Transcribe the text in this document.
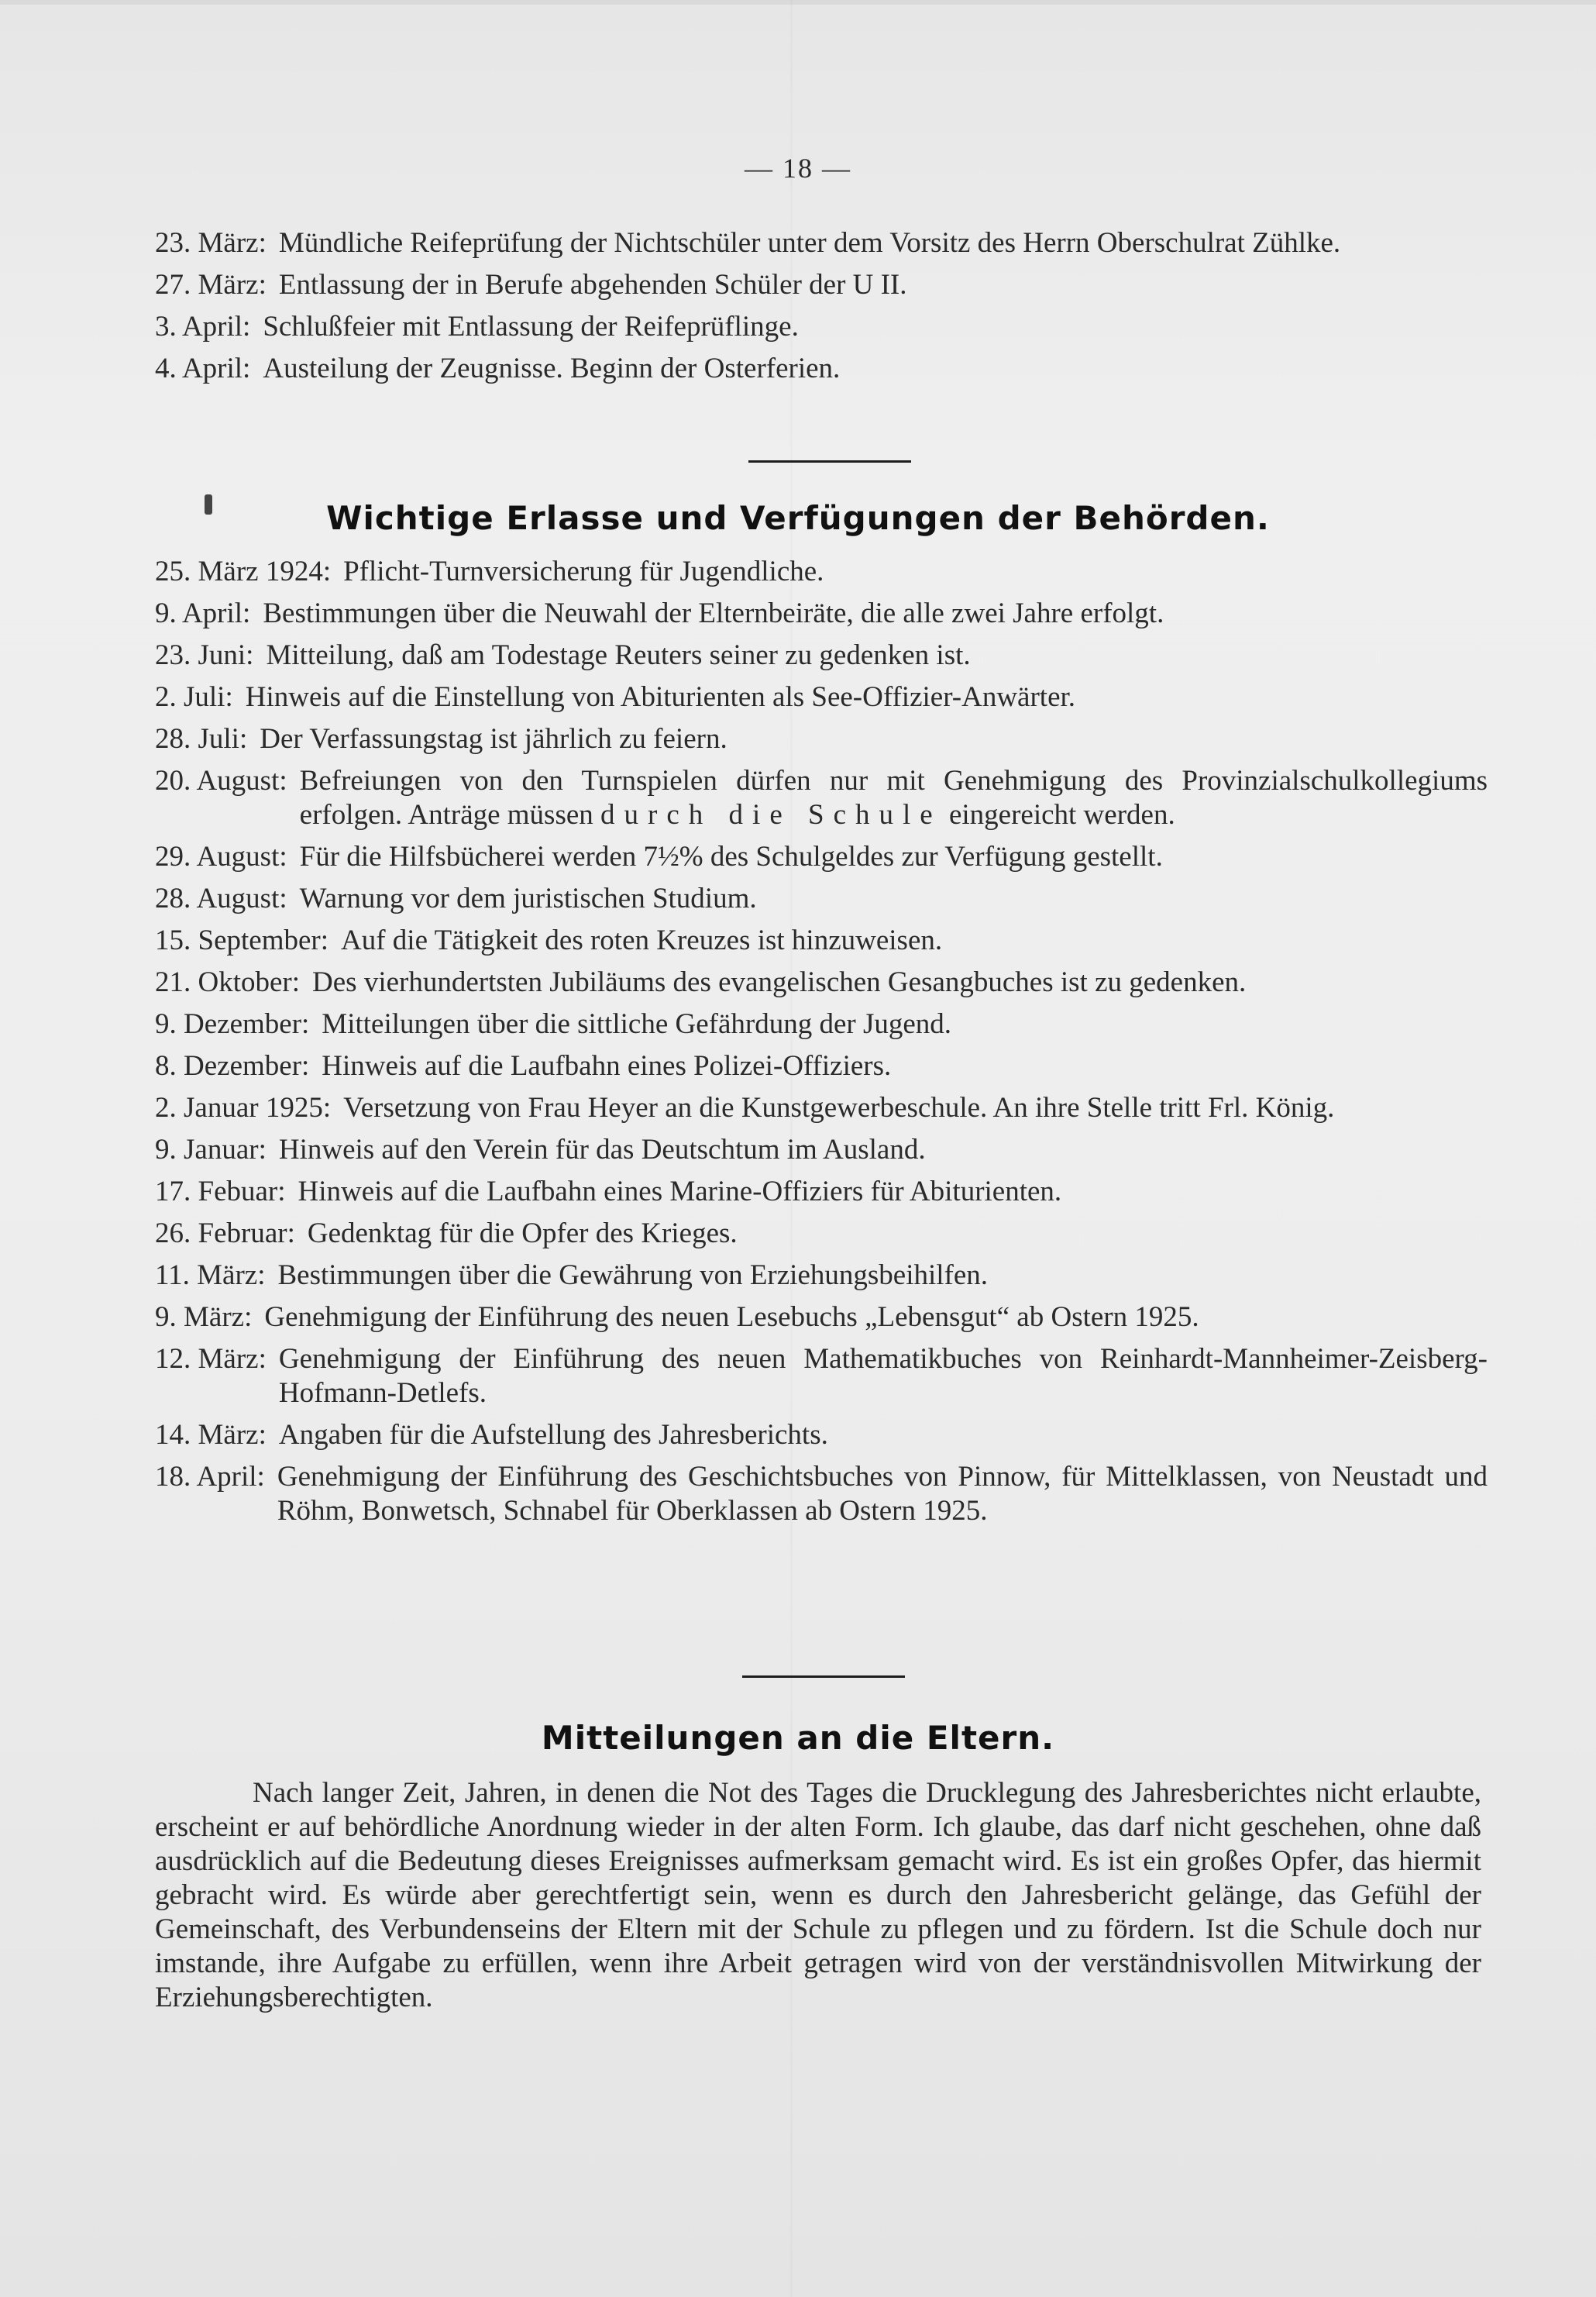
— 18 —
23. März: Mündliche Reifeprüfung der Nichtschüler unter dem Vorsitz des Herrn Oberschulrat Zühlke.
27. März: Entlassung der in Berufe abgehenden Schüler der U II.
3. April: Schlußfeier mit Entlassung der Reifeprüflinge.
4. April: Austeilung der Zeugnisse. Beginn der Osterferien.
Wichtige Erlasse und Verfügungen der Behörden.
25. März 1924: Pflicht-Turnversicherung für Jugendliche.
9. April: Bestimmungen über die Neuwahl der Elternbeiräte, die alle zwei Jahre erfolgt.
23. Juni: Mitteilung, daß am Todestage Reuters seiner zu gedenken ist.
2. Juli: Hinweis auf die Einstellung von Abiturienten als See-Offizier-Anwärter.
28. Juli: Der Verfassungstag ist jährlich zu feiern.
20. August: Befreiungen von den Turnspielen dürfen nur mit Genehmigung des Provinzialschulkollegiums erfolgen. Anträge müssen durch die Schule eingereicht werden.
29. August: Für die Hilfsbücherei werden 7½% des Schulgeldes zur Verfügung gestellt.
28. August: Warnung vor dem juristischen Studium.
15. September: Auf die Tätigkeit des roten Kreuzes ist hinzuweisen.
21. Oktober: Des vierhundertsten Jubiläums des evangelischen Gesangbuches ist zu gedenken.
9. Dezember: Mitteilungen über die sittliche Gefährdung der Jugend.
8. Dezember: Hinweis auf die Laufbahn eines Polizei-Offiziers.
2. Januar 1925: Versetzung von Frau Heyer an die Kunstgewerbeschule. An ihre Stelle tritt Frl. König.
9. Januar: Hinweis auf den Verein für das Deutschtum im Ausland.
17. Febuar: Hinweis auf die Laufbahn eines Marine-Offiziers für Abiturienten.
26. Februar: Gedenktag für die Opfer des Krieges.
11. März: Bestimmungen über die Gewährung von Erziehungsbeihilfen.
9. März: Genehmigung der Einführung des neuen Lesebuchs „Lebensgut“ ab Ostern 1925.
12. März: Genehmigung der Einführung des neuen Mathematikbuches von Reinhardt-Mannheimer-Zeisberg-Hofmann-Detlefs.
14. März: Angaben für die Aufstellung des Jahresberichts.
18. April: Genehmigung der Einführung des Geschichtsbuches von Pinnow, für Mittelklassen, von Neustadt und Röhm, Bonwetsch, Schnabel für Oberklassen ab Ostern 1925.
Mitteilungen an die Eltern.
Nach langer Zeit, Jahren, in denen die Not des Tages die Drucklegung des Jahresberichtes nicht erlaubte, erscheint er auf behördliche Anordnung wieder in der alten Form. Ich glaube, das darf nicht geschehen, ohne daß ausdrücklich auf die Bedeutung dieses Ereignisses aufmerksam gemacht wird. Es ist ein großes Opfer, das hiermit gebracht wird. Es würde aber gerechtfertigt sein, wenn es durch den Jahresbericht gelänge, das Gefühl der Gemeinschaft, des Verbundenseins der Eltern mit der Schule zu pflegen und zu fördern. Ist die Schule doch nur imstande, ihre Aufgabe zu erfüllen, wenn ihre Arbeit getragen wird von der verständnisvollen Mitwirkung der Erziehungsberechtigten.
